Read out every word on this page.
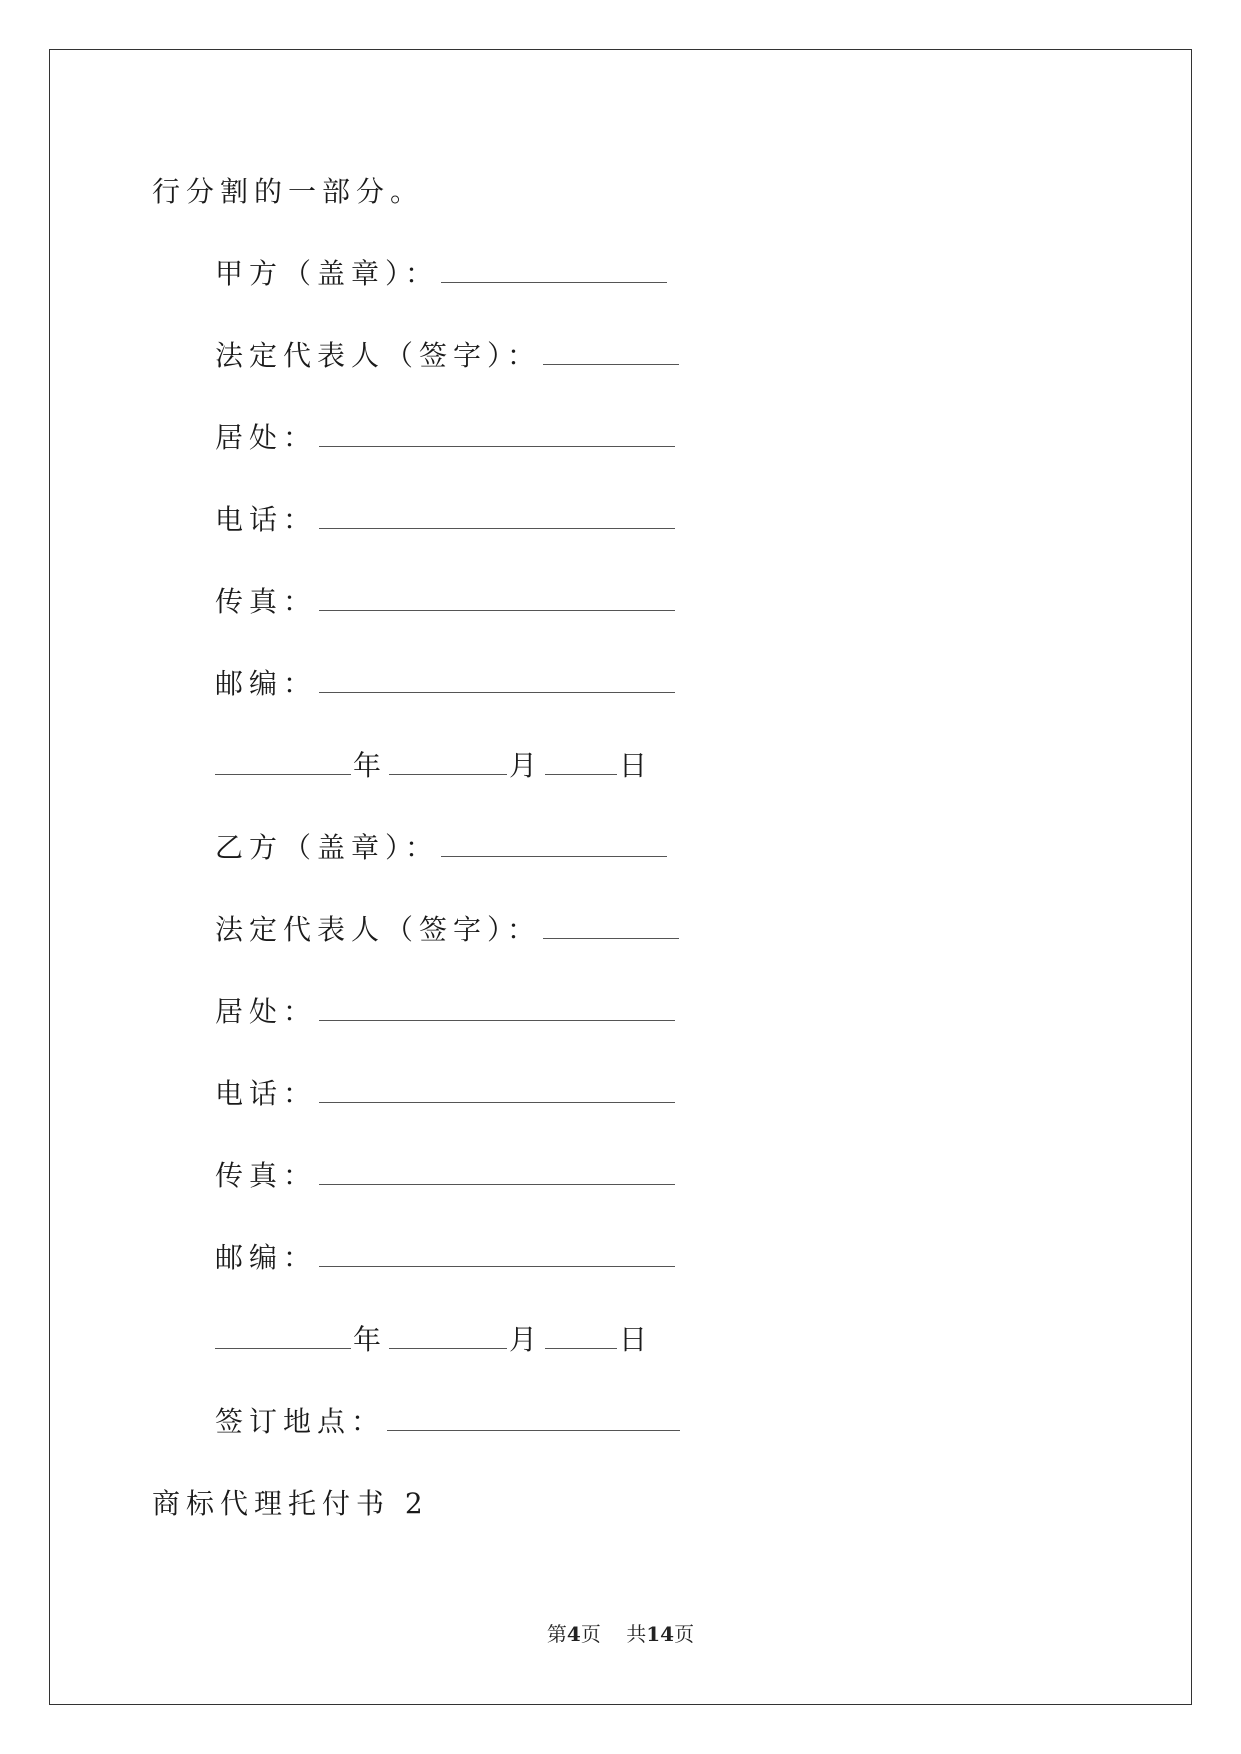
行分割的一部分。
甲方（盖章）：
法定代表人（签字）：
居处：
电话：
传真：
邮编：
年	月	日
乙方（盖章）：
法定代表人（签字）：
居处：
电话：
传真：
邮编：
年	月	日
签订地点：
商标代理托付书 2
第4页 共14页
